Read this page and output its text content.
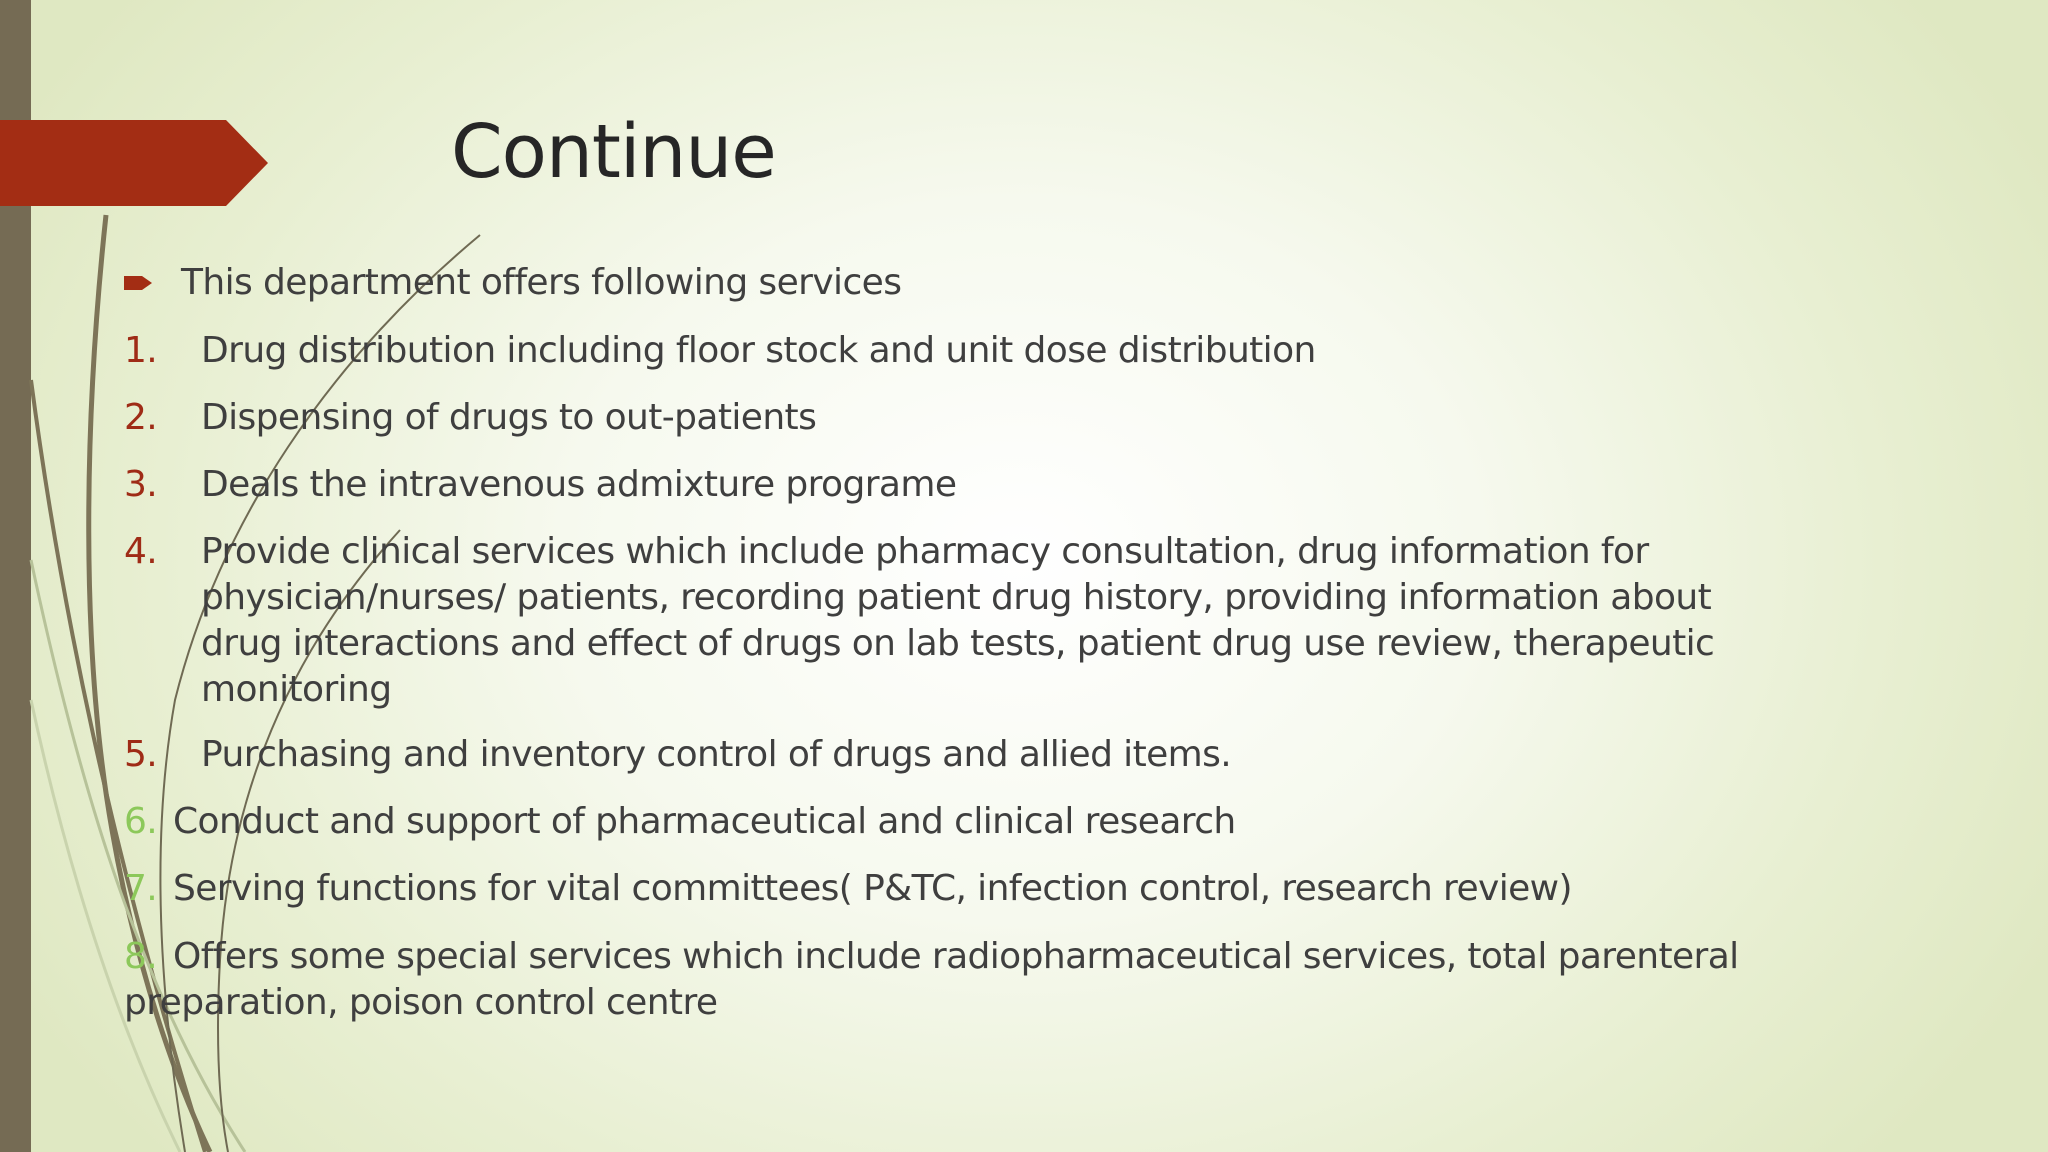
Continue
This department offers following services
1. Drug distribution including floor stock and unit dose distribution
2. Dispensing of drugs to out-patients
3. Deals the intravenous admixture programe
4. Provide clinical services which include pharmacy consultation, drug information for
physician/nurses/ patients, recording patient drug history, providing information about
drug interactions and effect of drugs on lab tests, patient drug use review, therapeutic
monitoring
5. Purchasing and inventory control of drugs and allied items.
6. Conduct and support of pharmaceutical and clinical research
7. Serving functions for vital committees( P&TC, infection control, research review)
8. Offers some special services which include radiopharmaceutical services, total parenteral
preparation, poison control centre
